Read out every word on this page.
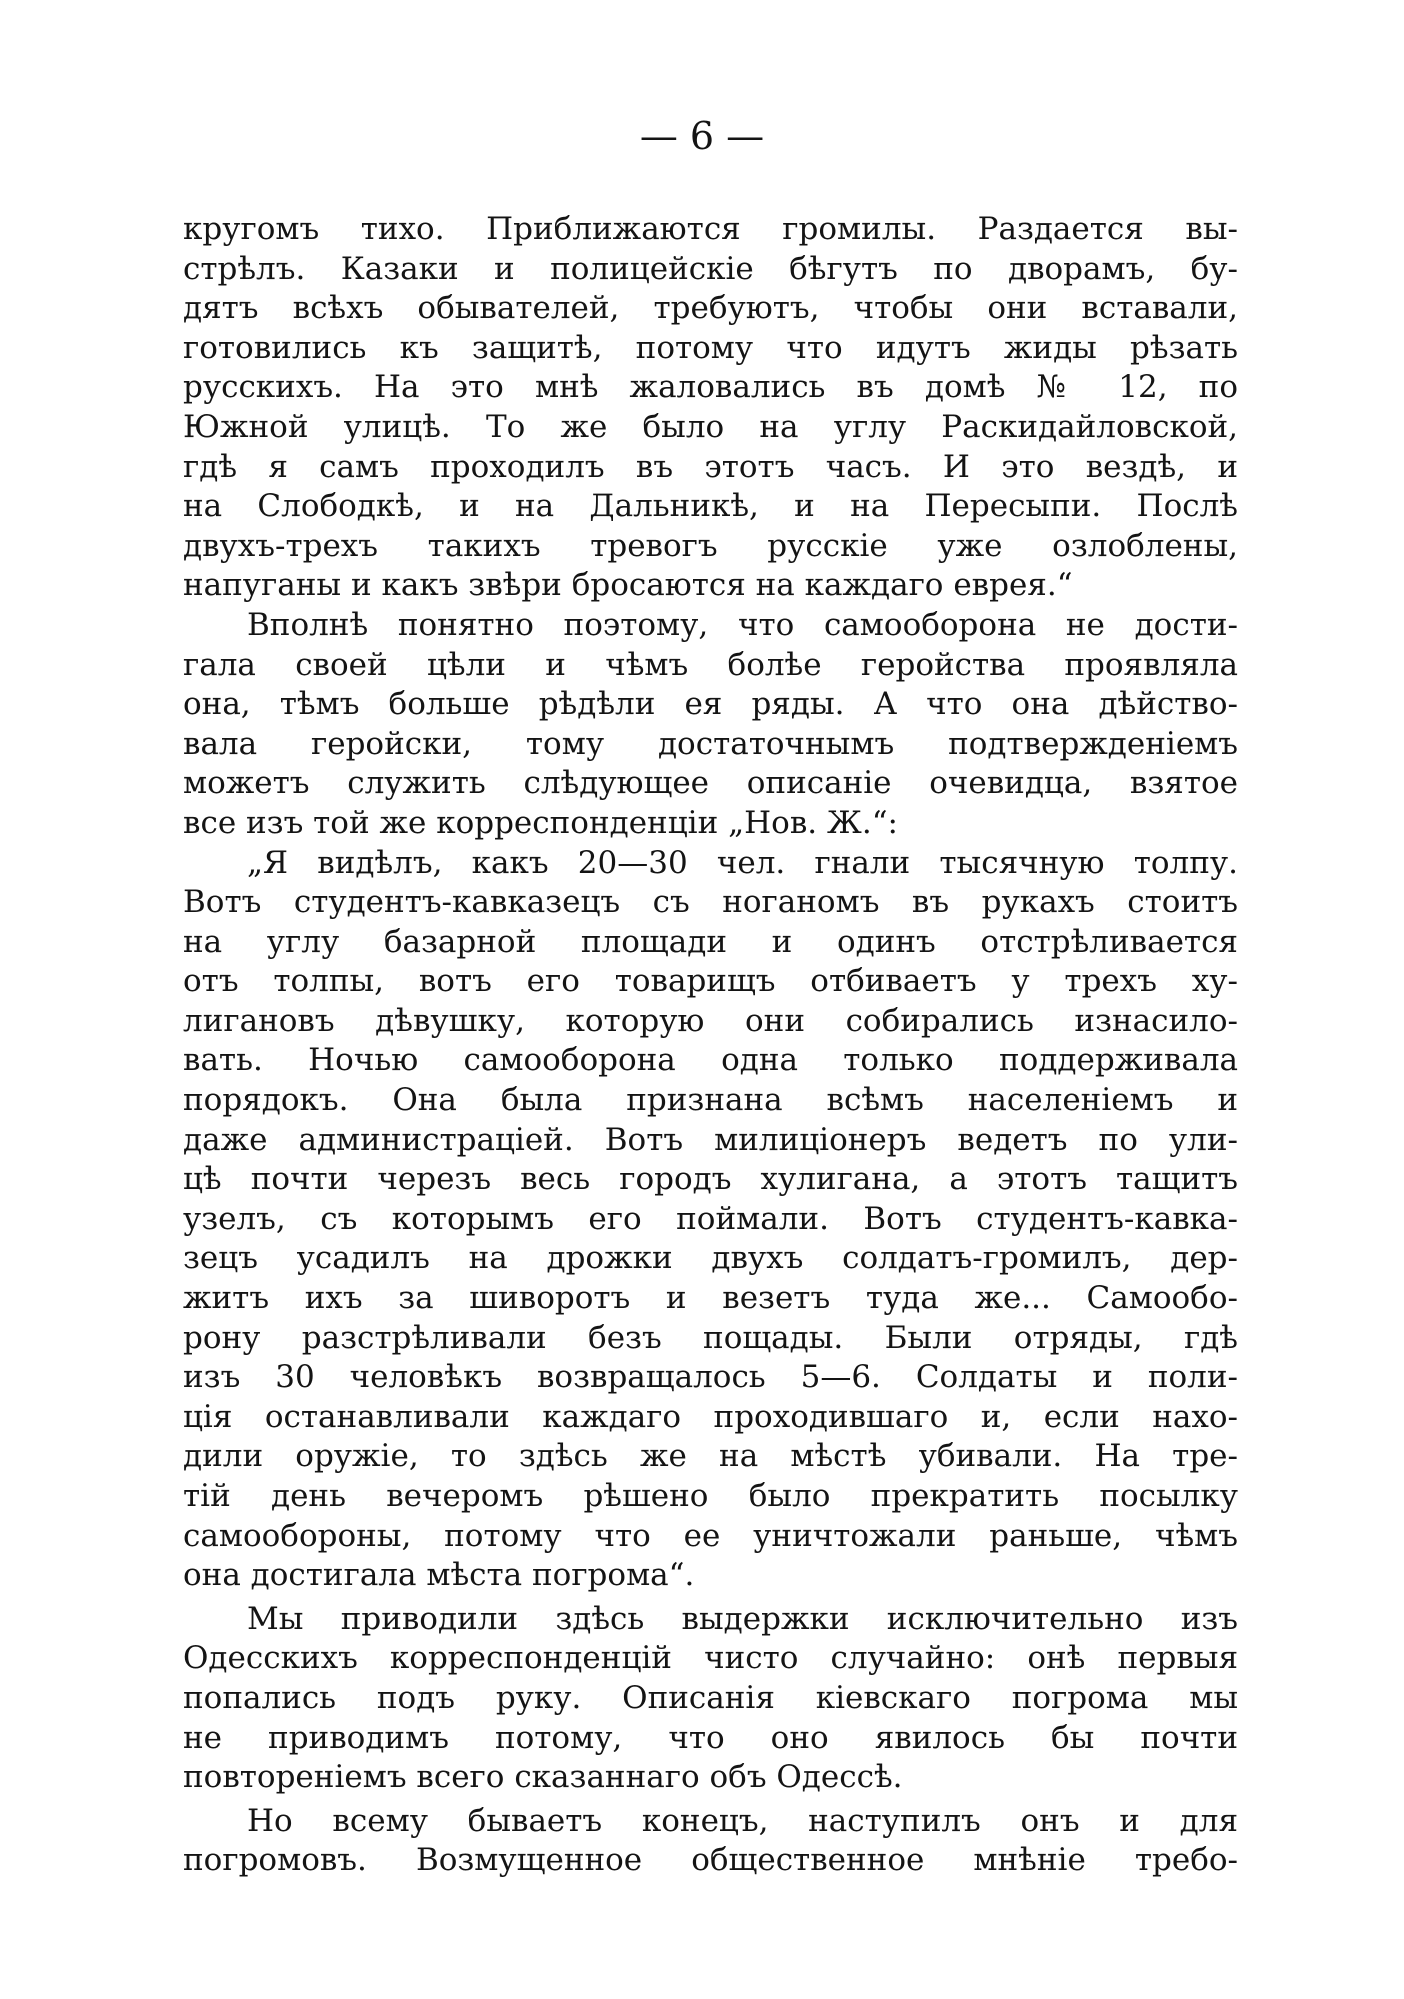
— 6 —
кругомъ тихо. Приближаются громилы. Раздается вы-
стрѣлъ. Казаки и полицейскіе бѣгутъ по дворамъ, бу-
дятъ всѣхъ обывателей, требуютъ, чтобы они вставали,
готовились къ защитѣ, потому что идутъ жиды рѣзать
русскихъ. На это мнѣ жаловались въ домѣ № 12, по
Южной улицѣ. То же было на углу Раскидайловской,
гдѣ я самъ проходилъ въ этотъ часъ. И это вездѣ, и
на Слободкѣ, и на Дальникѣ, и на Пересыпи. Послѣ
двухъ-трехъ такихъ тревогъ русскіе уже озлоблены,
напуганы и какъ звѣри бросаются на каждаго еврея.“
Вполнѣ понятно поэтому, что самооборона не дости-
гала своей цѣли и чѣмъ болѣе геройства проявляла
она, тѣмъ больше рѣдѣли ея ряды. А что она дѣйство-
вала геройски, тому достаточнымъ подтвержденіемъ
можетъ служить слѣдующее описаніе очевидца, взятое
все изъ той же корреспонденціи „Нов. Ж.“:
„Я видѣлъ, какъ 20—30 чел. гнали тысячную толпу.
Вотъ студентъ-кавказецъ съ ноганомъ въ рукахъ стоитъ
на углу базарной площади и одинъ отстрѣливается
отъ толпы, вотъ его товарищъ отбиваетъ у трехъ ху-
лигановъ дѣвушку, которую они собирались изнасило-
вать. Ночью самооборона одна только поддерживала
порядокъ. Она была признана всѣмъ населеніемъ и
даже администраціей. Вотъ милиціонеръ ведетъ по ули-
цѣ почти черезъ весь городъ хулигана, а этотъ тащитъ
узелъ, съ которымъ его поймали. Вотъ студентъ-кавка-
зецъ усадилъ на дрожки двухъ солдатъ-громилъ, дер-
житъ ихъ за шиворотъ и везетъ туда же... Самообо-
рону разстрѣливали безъ пощады. Были отряды, гдѣ
изъ 30 человѣкъ возвращалось 5—6. Солдаты и поли-
ція останавливали каждаго проходившаго и, если нахо-
дили оружіе, то здѣсь же на мѣстѣ убивали. На тре-
тій день вечеромъ рѣшено было прекратить посылку
самообороны, потому что ее уничтожали раньше, чѣмъ
она достигала мѣста погрома“.
Мы приводили здѣсь выдержки исключительно изъ
Одесскихъ корреспонденцій чисто случайно: онѣ первыя
попались подъ руку. Описанія кіевскаго погрома мы
не приводимъ потому, что оно явилось бы почти
повтореніемъ всего сказаннаго объ Одессѣ.
Но всему бываетъ конецъ, наступилъ онъ и для
погромовъ. Возмущенное общественное мнѣніе требо-
